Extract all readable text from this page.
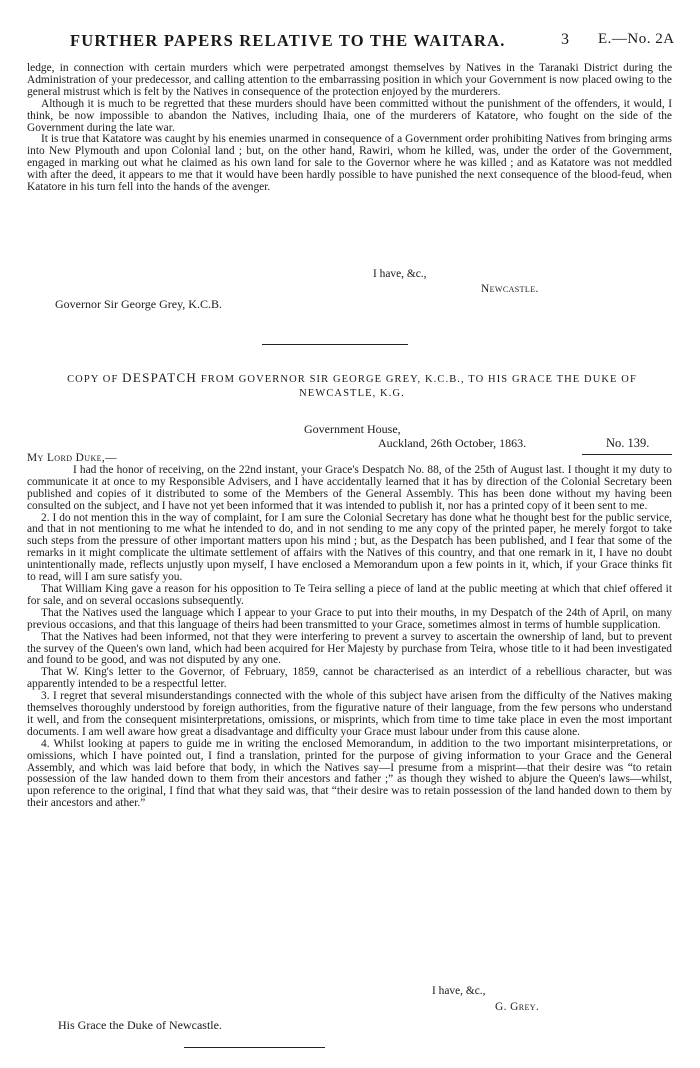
FURTHER PAPERS RELATIVE TO THE WAITARA.	3 E.—No. 2A

ledge, in connection with certain murders which were perpetrated amongst themselves by Natives in the Taranaki District during the Administration of your predecessor, and calling attention to the embarrassing position in which your Government is now placed owing to the general mistrust which is felt by the Natives in consequence of the protection enjoyed by the murderers.

Although it is much to be regretted that these murders should have been committed without the punishment of the offenders, it would, I think, be now impossible to abandon the Natives, including Ihaia, one of the murderers of Katatore, who fought on the side of the Government during the late war.

It is true that Katatore was caught by his enemies unarmed in consequence of a Government order prohibiting Natives from bringing arms into New Plymouth and upon Colonial land ; but, on the other hand, Rawiri, whom he killed, was, under the order of the Government, engaged in marking out what he claimed as his own land for sale to the Governor where he was killed ; and as Katatore was not meddled with after the deed, it appears to me that it would have been hardly possible to have punished the next consequence of the blood-feud, when Katatore in his turn fell into the hands of the avenger.

I have, &c.,
Newcastle.
Governor Sir George Grey, K.C.B.
COPY OF DESPATCH FROM GOVERNOR SIR GEORGE GREY, K.C.B., TO HIS GRACE THE DUKE OF
NEWCASTLE, K.G.
Government House,
Auckland, 26th October, 1863.	No. 139.

My Lord Duke,—

I had the honor of receiving, on the 22nd instant, your Grace's Despatch No. 88, of the 25th of August last. I thought it my duty to communicate it at once to my Responsible Advisers, and I have accidentally learned that it has by direction of the Colonial Secretary been published and copies of it distributed to some of the Members of the General Assembly. This has been done without my having been consulted on the subject, and I have not yet been informed that it was intended to publish it, nor has a printed copy of it been sent to me.

2. I do not mention this in the way of complaint, for I am sure the Colonial Secretary has done what he thought best for the public service, and that in not mentioning to me what he intended to do, and in not sending to me any copy of the printed paper, he merely forgot to take such steps from the pressure of other important matters upon his mind ; but, as the Despatch has been published, and I fear that some of the remarks in it might complicate the ultimate settlement of affairs with the Natives of this country, and that one remark in it, I have no doubt unintentionally made, reflects unjustly upon myself, I have enclosed a Memorandum upon a few points in it, which, if your Grace thinks fit to read, will I am sure satisfy you.

That William King gave a reason for his opposition to Te Teira selling a piece of land at the public meeting at which that chief offered it for sale, and on several occasions subsequently.

That the Natives used the language which I appear to your Grace to put into their mouths, in my Despatch of the 24th of April, on many previous occasions, and that this language of theirs had been transmitted to your Grace, sometimes almost in terms of humble supplication.

That the Natives had been informed, not that they were interfering to prevent a survey to ascertain the ownership of land, but to prevent the survey of the Queen's own land, which had been acquired for Her Majesty by purchase from Teira, whose title to it had been investigated and found to be good, and was not disputed by any one.

That W. King's letter to the Governor, of February, 1859, cannot be characterised as an interdict of a rebellious character, but was apparently intended to be a respectful letter.

3. I regret that several misunderstandings connected with the whole of this subject have arisen from the difficulty of the Natives making themselves thoroughly understood by foreign authorities, from the figurative nature of their language, from the few persons who understand it well, and from the consequent misinterpretations, omissions, or misprints, which from time to time take place in even the most important documents. I am well aware how great a disadvantage and difficulty your Grace must labour under from this cause alone.

4. Whilst looking at papers to guide me in writing the enclosed Memorandum, in addition to the two important misinterpretations, or omissions, which I have pointed out, I find a translation, printed for the purpose of giving information to your Grace and the General Assembly, and which was laid before that body, in which the Natives say—I presume from a misprint—that their desire was “to retain possession of the law handed down to them from their ancestors and father ;” as though they wished to abjure the Queen's laws—whilst, upon reference to the original, I find that what they said was, that “their desire was to retain possession of the land handed down to them by their ancestors and ather.”

I have, &c.,
G. Grey.
His Grace the Duke of Newcastle.
